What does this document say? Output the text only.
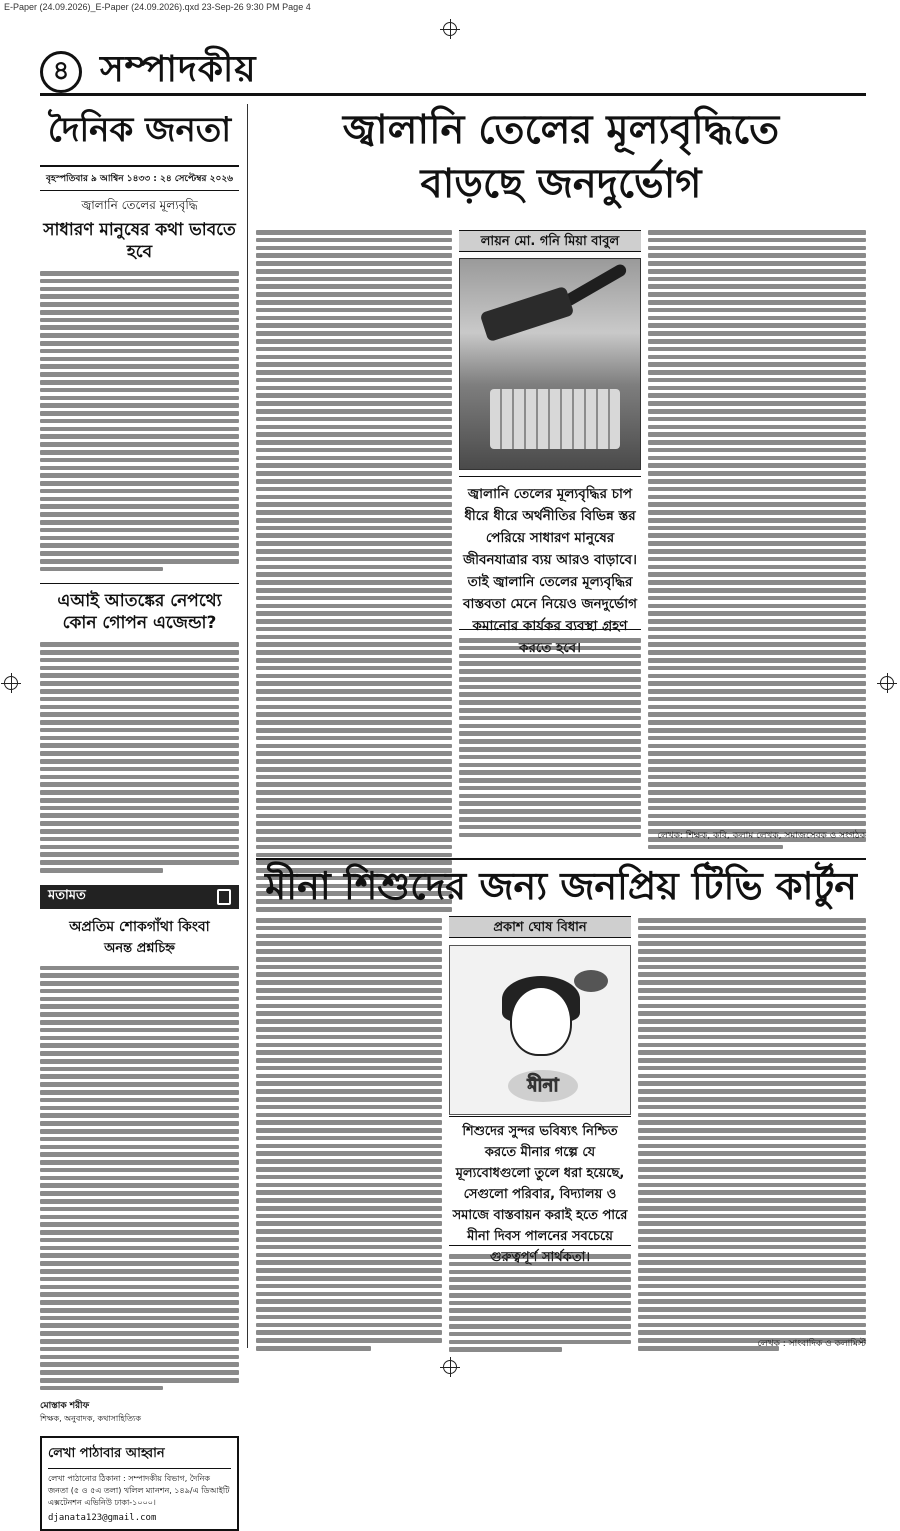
E-Paper (24.09.2026)_E-Paper (24.09.2026).qxd 23-Sep-26 9:30 PM Page 4
৪ সম্পাদকীয়
দৈনিক জনতা
বৃহস্পতিবার ৯ আশ্বিন ১৪৩৩ : ২৪ সেপ্টেম্বর ২০২৬
জ্বালানি তেলের মূল্যবৃদ্ধি
সাধারণ মানুষের কথা ভাবতে হবে
এআই আতঙ্কের নেপথ্যে কোন গোপন এজেন্ডা?
মতামত
অপ্রতিম শোকগাঁথা কিংবা
অনন্ত প্রশ্নচিহ্ন
মোস্তাক শরীফ
শিক্ষক, অনুবাদক, কথাসাহিত্যিক
লেখা পাঠাবার আহ্বান
লেখা পাঠানোর ঠিকানা : সম্পাদকীয় বিভাগ, দৈনিক জনতা (৫ ও ৫এ তলা) খলিল ম্যানশন, ১৪৯/এ ডিআইটি এক্সটেনশন এভিনিউ ঢাকা-১০০০।
djanata123@gmail.com
জ্বালানি তেলের মূল্যবৃদ্ধিতে
বাড়ছে জনদুর্ভোগ
লায়ন মো. গনি মিয়া বাবুল
জ্বালানি তেলের মূল্যবৃদ্ধির চাপ ধীরে ধীরে অর্থনীতির বিভিন্ন স্তর পেরিয়ে সাধারণ মানুষের জীবনযাত্রার ব্যয় আরও বাড়াবে। তাই জ্বালানি তেলের মূল্যবৃদ্ধির বাস্তবতা মেনে নিয়েও জনদুর্ভোগ কমানোর কার্যকর ব্যবস্থা গ্রহণ
লেখক: শিক্ষক, কবি, কলাম লেখক, সমাজসেবক ও সংগঠক
মীনা শিশুদের জন্য জনপ্রিয় টিভি কার্টুন
প্রকাশ ঘোষ বিধান
মীনা
শিশুদের সুন্দর ভবিষ্যৎ নিশ্চিত করতে মীনার গল্পে যে মূল্যবোধগুলো তুলে ধরা হয়েছে, সেগুলো পরিবার, বিদ্যালয় ও সমাজে বাস্তবায়ন করাই হতে পারে মীনা দিবস পালনের সবচেয়ে
লেখক : সাংবাদিক ও কলামিস্ট
